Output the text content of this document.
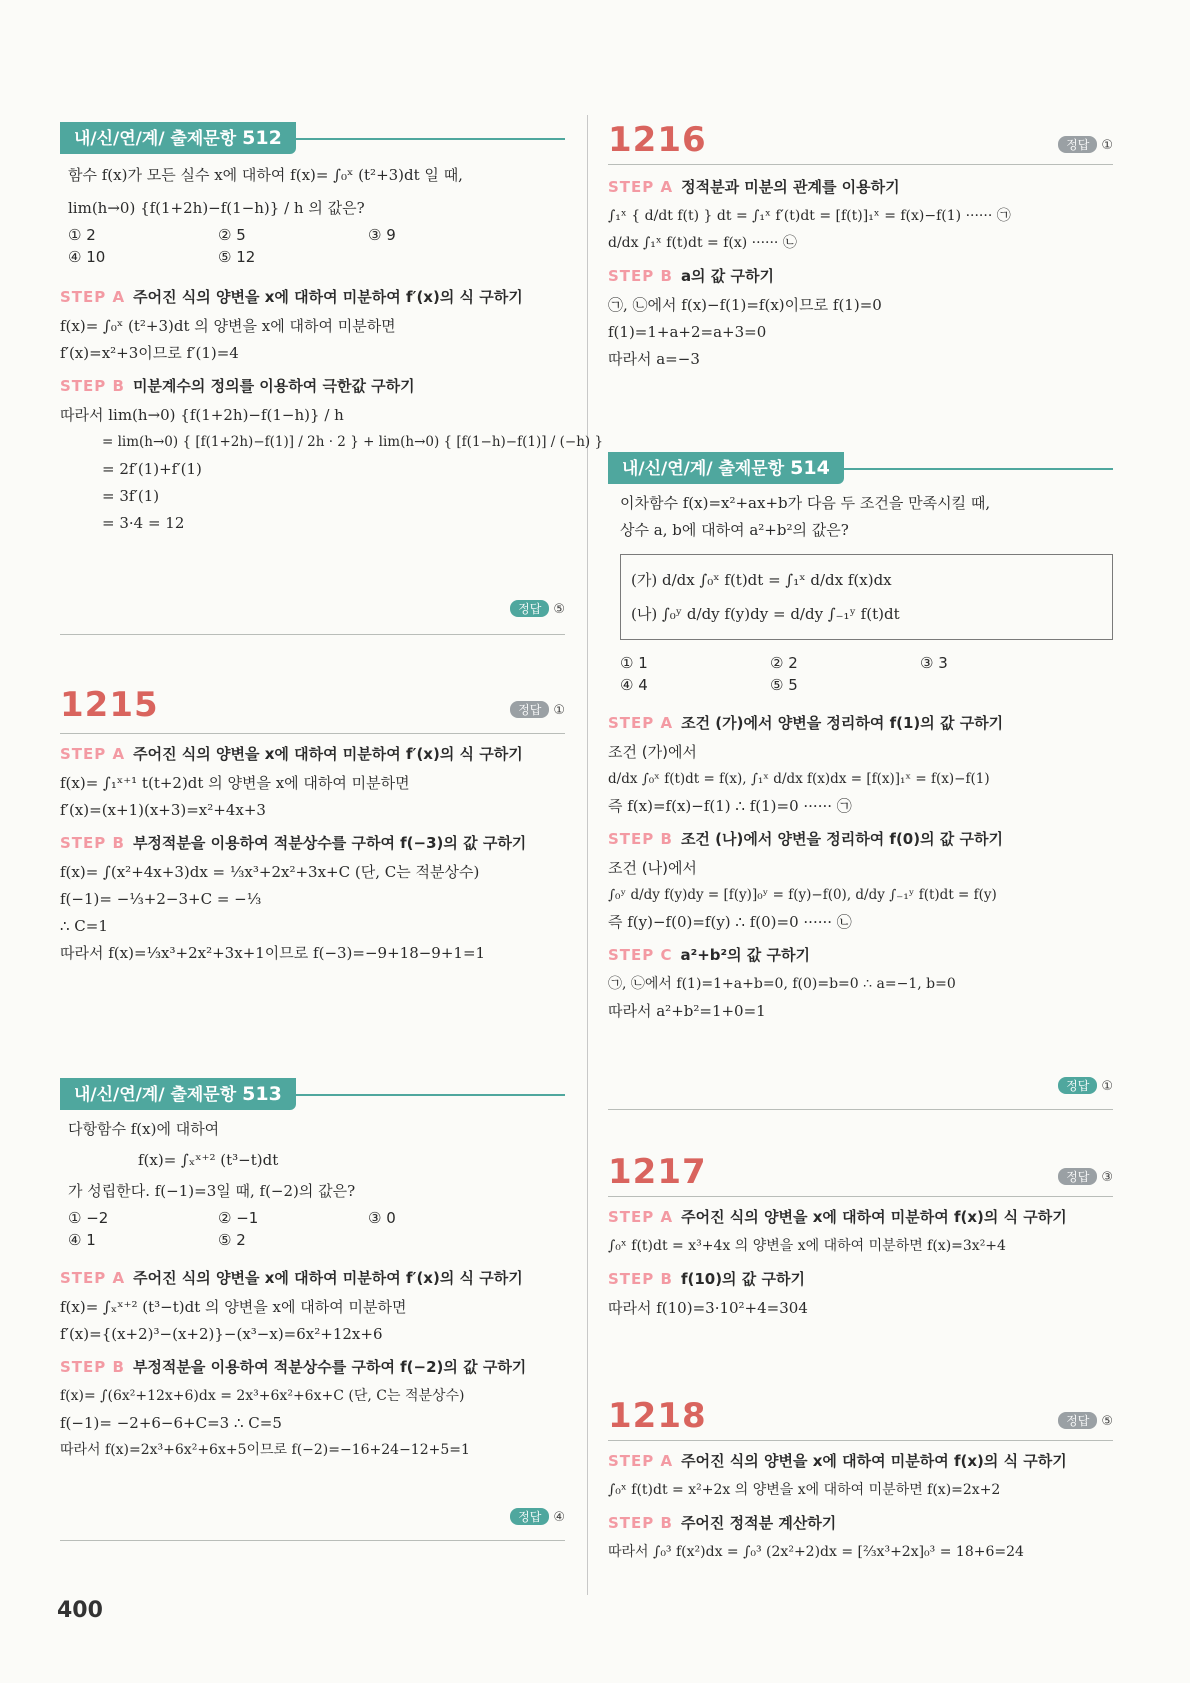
내/신/연/계/ 출제문항 512
함수 f(x)가 모든 실수 x에 대하여 f(x)= ∫₀ˣ (t²+3)dt 일 때,
lim(h→0) {f(1+2h)−f(1−h)} / h 의 값은?
① 2	② 5	③ 9
④ 10	⑤ 12
STEP A 주어진 식의 양변을 x에 대하여 미분하여 f′(x)의 식 구하기
f(x)= ∫₀ˣ (t²+3)dt 의 양변을 x에 대하여 미분하면
f′(x)=x²+3이므로 f′(1)=4
STEP B 미분계수의 정의를 이용하여 극한값 구하기
따라서 lim(h→0) {f(1+2h)−f(1−h)} / h
= lim(h→0) { [f(1+2h)−f(1)] / 2h · 2 } + lim(h→0) { [f(1−h)−f(1)] / (−h) }
= 2f′(1)+f′(1)
= 3f′(1)
= 3·4 = 12
정답 ⑤
1215	정답 ①
STEP A 주어진 식의 양변을 x에 대하여 미분하여 f′(x)의 식 구하기
f(x)= ∫₁ˣ⁺¹ t(t+2)dt 의 양변을 x에 대하여 미분하면
f′(x)=(x+1)(x+3)=x²+4x+3
STEP B 부정적분을 이용하여 적분상수를 구하여 f(−3)의 값 구하기
f(x)= ∫(x²+4x+3)dx = ⅓x³+2x²+3x+C (단, C는 적분상수)
f(−1)= −⅓+2−3+C = −⅓
∴ C=1
따라서 f(x)=⅓x³+2x²+3x+1이므로 f(−3)=−9+18−9+1=1
내/신/연/계/ 출제문항 513
다항함수 f(x)에 대하여
f(x)= ∫ₓˣ⁺² (t³−t)dt
가 성립한다. f(−1)=3일 때, f(−2)의 값은?
① −2	② −1	③ 0
④ 1	⑤ 2
STEP A 주어진 식의 양변을 x에 대하여 미분하여 f′(x)의 식 구하기
f(x)= ∫ₓˣ⁺² (t³−t)dt 의 양변을 x에 대하여 미분하면
f′(x)={(x+2)³−(x+2)}−(x³−x)=6x²+12x+6
STEP B 부정적분을 이용하여 적분상수를 구하여 f(−2)의 값 구하기
f(x)= ∫(6x²+12x+6)dx = 2x³+6x²+6x+C (단, C는 적분상수)
f(−1)= −2+6−6+C=3 ∴ C=5
따라서 f(x)=2x³+6x²+6x+5이므로 f(−2)=−16+24−12+5=1
정답 ④
1216	정답 ①
STEP A 정적분과 미분의 관계를 이용하기
∫₁ˣ { d/dt f(t) } dt = ∫₁ˣ f′(t)dt = [f(t)]₁ˣ = f(x)−f(1) ······ ㉠
d/dx ∫₁ˣ f(t)dt = f(x) ······ ㉡
STEP B a의 값 구하기
㉠, ㉡에서 f(x)−f(1)=f(x)이므로 f(1)=0
f(1)=1+a+2=a+3=0
따라서 a=−3
내/신/연/계/ 출제문항 514
이차함수 f(x)=x²+ax+b가 다음 두 조건을 만족시킬 때,
상수 a, b에 대하여 a²+b²의 값은?
(가) d/dx ∫₀ˣ f(t)dt = ∫₁ˣ d/dx f(x)dx
(나) ∫₀ʸ d/dy f(y)dy = d/dy ∫₋₁ʸ f(t)dt
① 1	② 2	③ 3
④ 4	⑤ 5
STEP A 조건 (가)에서 양변을 정리하여 f(1)의 값 구하기
조건 (가)에서
d/dx ∫₀ˣ f(t)dt = f(x), ∫₁ˣ d/dx f(x)dx = [f(x)]₁ˣ = f(x)−f(1)
즉 f(x)=f(x)−f(1) ∴ f(1)=0 ······ ㉠
STEP B 조건 (나)에서 양변을 정리하여 f(0)의 값 구하기
조건 (나)에서
∫₀ʸ d/dy f(y)dy = [f(y)]₀ʸ = f(y)−f(0), d/dy ∫₋₁ʸ f(t)dt = f(y)
즉 f(y)−f(0)=f(y) ∴ f(0)=0 ······ ㉡
STEP C a²+b²의 값 구하기
㉠, ㉡에서 f(1)=1+a+b=0, f(0)=b=0 ∴ a=−1, b=0
따라서 a²+b²=1+0=1
정답 ①
1217	정답 ③
STEP A 주어진 식의 양변을 x에 대하여 미분하여 f(x)의 식 구하기
∫₀ˣ f(t)dt = x³+4x 의 양변을 x에 대하여 미분하면 f(x)=3x²+4
STEP B f(10)의 값 구하기
따라서 f(10)=3·10²+4=304
1218	정답 ⑤
STEP A 주어진 식의 양변을 x에 대하여 미분하여 f(x)의 식 구하기
∫₀ˣ f(t)dt = x²+2x 의 양변을 x에 대하여 미분하면 f(x)=2x+2
STEP B 주어진 정적분 계산하기
따라서 ∫₀³ f(x²)dx = ∫₀³ (2x²+2)dx = [⅔x³+2x]₀³ = 18+6=24
400
